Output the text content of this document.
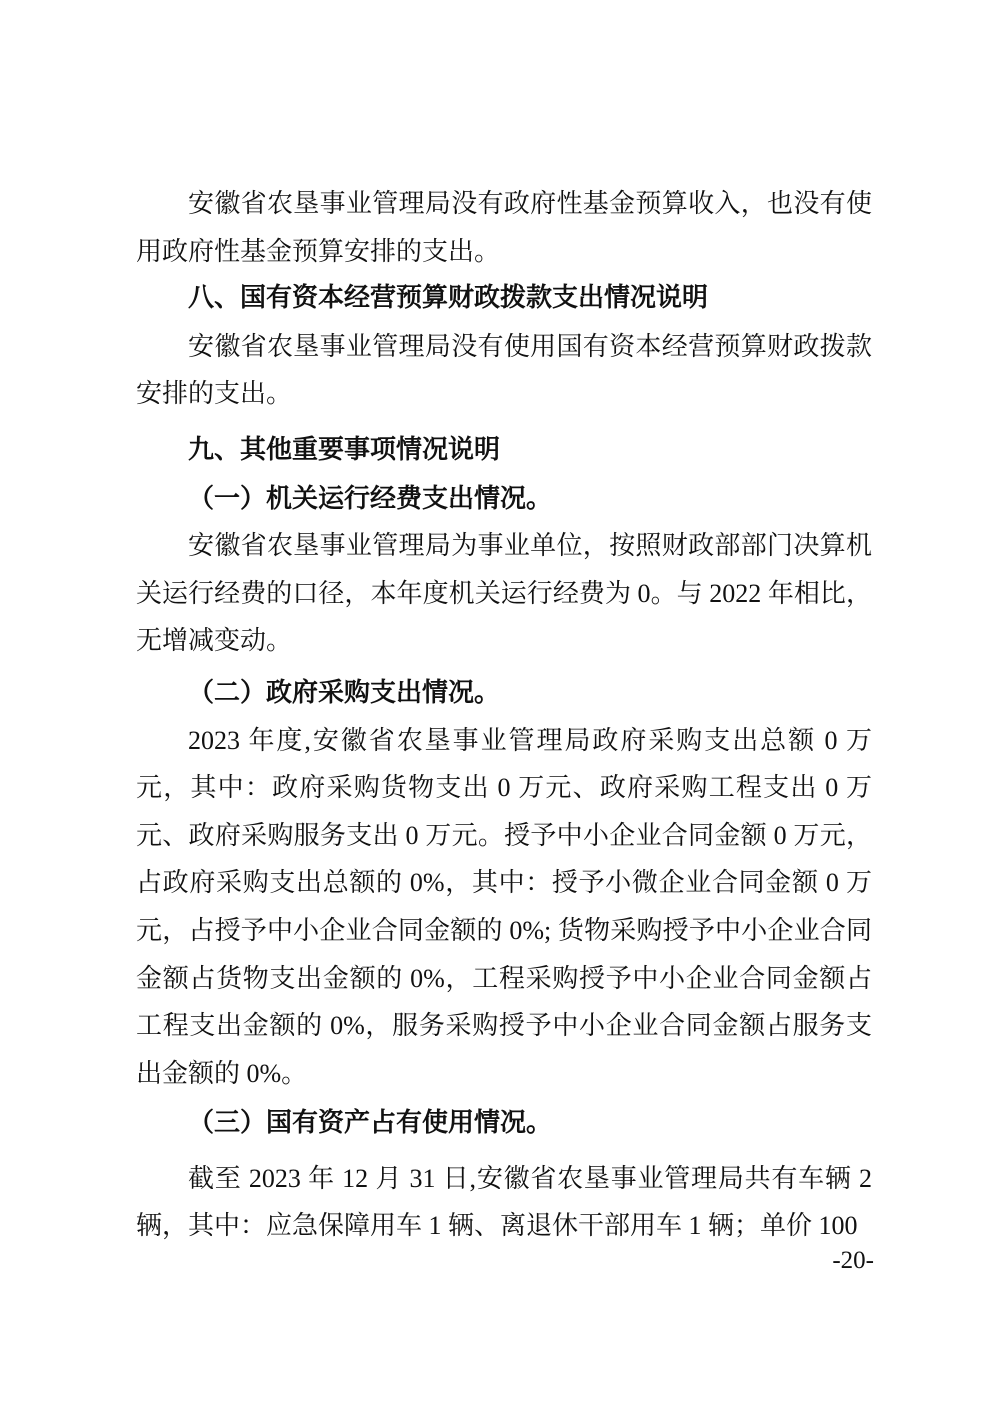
安徽省农垦事业管理局没有政府性基金预算收入，也没有使用政府性基金预算安排的支出。
八、国有资本经营预算财政拨款支出情况说明
安徽省农垦事业管理局没有使用国有资本经营预算财政拨款安排的支出。
九、其他重要事项情况说明
（一）机关运行经费支出情况。
安徽省农垦事业管理局为事业单位，按照财政部部门决算机关运行经费的口径，本年度机关运行经费为 0。与 2022 年相比，无增减变动。
（二）政府采购支出情况。
2023 年度,安徽省农垦事业管理局政府采购支出总额 0 万元，其中：政府采购货物支出 0 万元、政府采购工程支出 0 万元、政府采购服务支出 0 万元。授予中小企业合同金额 0 万元，占政府采购支出总额的 0%，其中：授予小微企业合同金额 0 万元，占授予中小企业合同金额的 0%; 货物采购授予中小企业合同金额占货物支出金额的 0%，工程采购授予中小企业合同金额占工程支出金额的 0%，服务采购授予中小企业合同金额占服务支出金额的 0%。
（三）国有资产占有使用情况。
截至 2023 年 12 月 31 日,安徽省农垦事业管理局共有车辆 2 辆，其中：应急保障用车 1 辆、离退休干部用车 1 辆；单价 100
-20-
